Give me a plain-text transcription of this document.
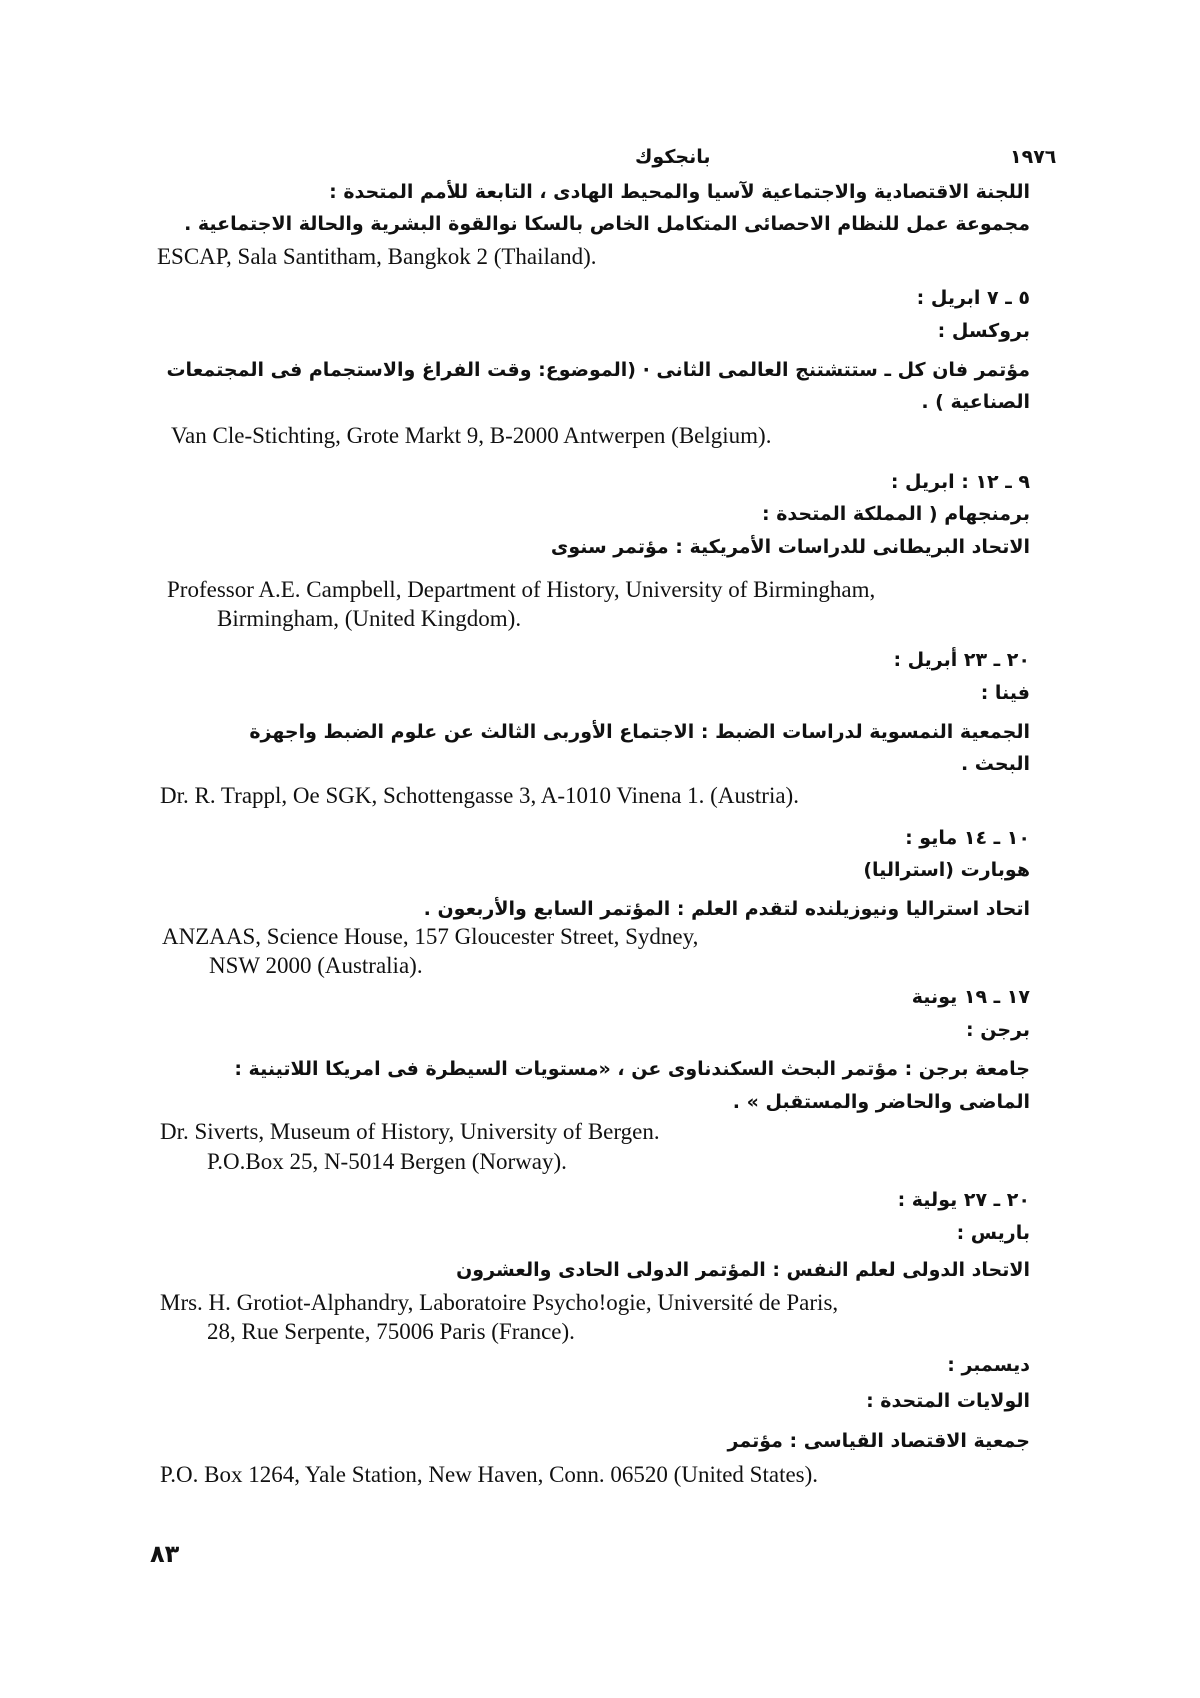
١٩٧٦
بانجكوك
اللجنة الاقتصادية والاجتماعية لآسيا والمحيط الهادى ، التابعة للأمم المتحدة :
مجموعة عمل للنظام الاحصائى المتكامل الخاص بالسكا نوالقوة البشرية والحالة الاجتماعية .
ESCAP, Sala Santitham, Bangkok 2 (Thailand).
٥ ـ ٧ ابريل :
بروكسل :
مؤتمر فان كل ـ ستتشتنج العالمى الثانى · (الموضوع: وقت الفراغ والاستجمام فى المجتمعات
الصناعية ) .
Van Cle-Stichting, Grote Markt 9, B-2000 Antwerpen (Belgium).
٩ ـ ١٢ : ابريل :
برمنجهام ( المملكة المتحدة :
الاتحاد البريطانى للدراسات الأمريكية : مؤتمر سنوى
Professor A.E. Campbell, Department of History, University of Birmingham,
Birmingham, (United Kingdom).
٢٠ ـ ٢٣ أبريل :
فينا :
الجمعية النمسوية لدراسات الضبط : الاجتماع الأوربى الثالث عن علوم الضبط واجهزة
البحث .
Dr. R. Trappl, Oe SGK, Schottengasse 3, A-1010 Vinena 1. (Austria).
١٠ ـ ١٤ مايو :
هوبارت (استراليا)
اتحاد استراليا ونيوزيلنده لتقدم العلم : المؤتمر السابع والأربعون .
ANZAAS, Science House, 157 Gloucester Street, Sydney,
NSW 2000 (Australia).
١٧ ـ ١٩ يونية
برجن :
جامعة برجن : مؤتمر البحث السكندناوى عن ، «مستويات السيطرة فى امريكا اللاتينية :
الماضى والحاضر والمستقبل » .
Dr. Siverts, Museum of History, University of Bergen.
P.O.Box 25, N-5014 Bergen (Norway).
٢٠ ـ ٢٧ يولية :
باريس :
الاتحاد الدولى لعلم النفس : المؤتمر الدولى الحادى والعشرون
Mrs. H. Grotiot-Alphandry, Laboratoire Psycho!ogie, Université de Paris,
28, Rue Serpente, 75006 Paris (France).
ديسمبر :
الولايات المتحدة :
جمعية الاقتصاد القياسى : مؤتمر
P.O. Box 1264, Yale Station, New Haven, Conn. 06520 (United States).
٨٣
